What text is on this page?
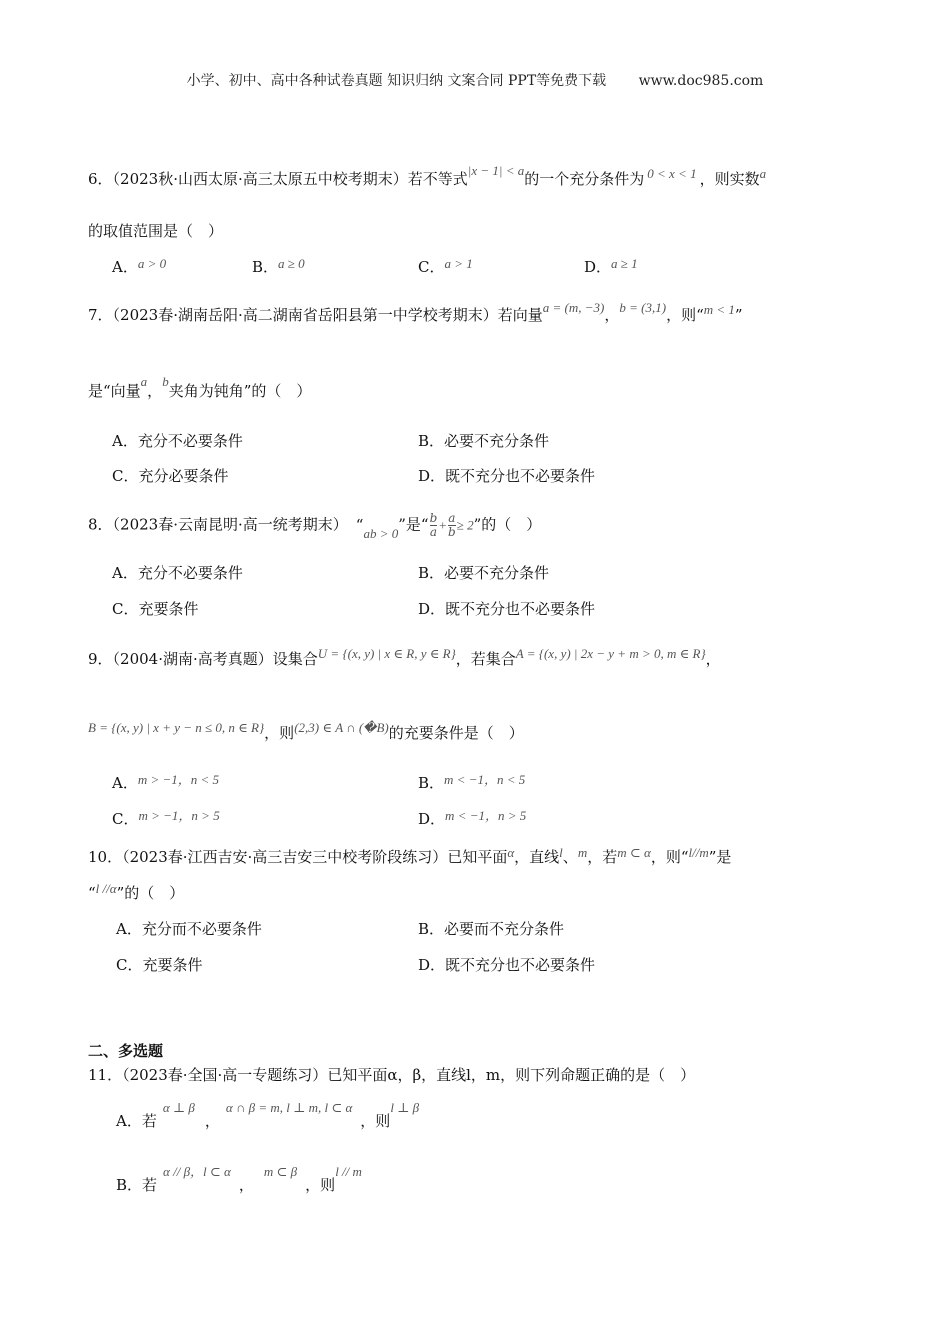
小学、初中、高中各种试卷真题 知识归纳 文案合同 PPT等免费下载 www.doc985.com
6．（2023秋·山西太原·高三太原五中校考期末）若不等式|x − 1| < a的一个充分条件为 0 < x < 1 ，则实数a
的取值范围是（　）
A．a > 0	B．a ≥ 0	C．a > 1	D．a ≥ 1
7．（2023春·湖南岳阳·高二湖南省岳阳县第一中学校考期末）若向量a = (m, −3)，b = (3,1)，则“m < 1”
是“向量a，b夹角为钝角”的（　）
A．充分不必要条件	B．必要不充分条件
C．充分必要条件	D．既不充分也不必要条件
8．（2023春·云南昆明·高一统考期末） “ab > 0”是“ $\frac{b}{a} + \frac{a}{b} \ge 2$”的（　）
A．充分不必要条件	B．必要不充分条件
C．充要条件	D．既不充分也不必要条件
9．（2004·湖南·高考真题）设集合U = {(x, y) | x ∈ R, y ∈ R}，若集合A = {(x, y) | 2x − y + m > 0, m ∈ R}，
B = {(x, y) | x + y − n ≤ 0, n ∈ R}，则(2,3) ∈ A ∩ (�B)的充要条件是（　）
A．m > −1，n < 5	B．m < −1，n < 5
C．m > −1，n > 5	D．m < −1，n > 5
10．（2023春·江西吉安·高三吉安三中校考阶段练习）已知平面α，直线l、m，若m ⊂ α，则“l//m”是
“l //α”的（　）
A．充分而不必要条件	B．必要而不充分条件
C．充要条件	D．既不充分也不必要条件
二、多选题
11．（2023春·全国·高一专题练习）已知平面α，β，直线l，m，则下列命题正确的是（　）
A．若α ⊥ β，α ∩ β = m, l ⊥ m, l ⊂ α，则l ⊥ β
B．若α // β，l ⊂ α，m ⊂ β，则l // m
